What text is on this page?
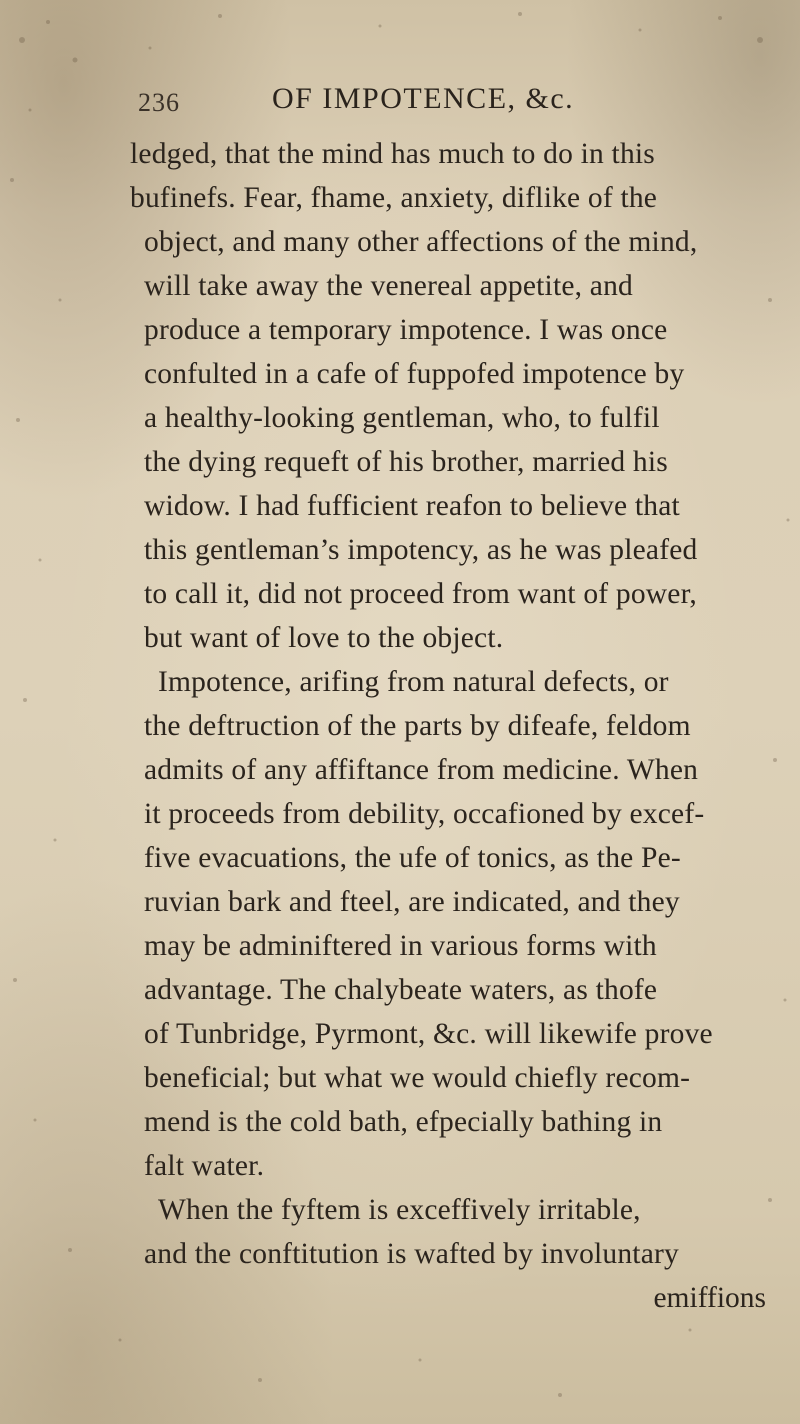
236	OF IMPOTENCE, &c.
ledged, that the mind has much to do in this
bufinefs. Fear, fhame, anxiety, diflike of the
object, and many other affections of the mind,
will take away the venereal appetite, and
produce a temporary impotence. I was once
confulted in a cafe of fuppofed impotence by
a healthy-looking gentleman, who, to fulfil
the dying requeft of his brother, married his
widow. I had fufficient reafon to believe that
this gentleman’s impotency, as he was pleafed
to call it, did not proceed from want of power,
but want of love to the object.
Impotence, arifing from natural defects, or
the deftruction of the parts by difeafe, feldom
admits of any affiftance from medicine. When
it proceeds from debility, occafioned by excef-
five evacuations, the ufe of tonics, as the Pe-
ruvian bark and fteel, are indicated, and they
may be adminiftered in various forms with
advantage. The chalybeate waters, as thofe
of Tunbridge, Pyrmont, &c. will likewife prove
beneficial; but what we would chiefly recom-
mend is the cold bath, efpecially bathing in
falt water.
When the fyftem is exceffively irritable,
and the conftitution is wafted by involuntary
emiffions
